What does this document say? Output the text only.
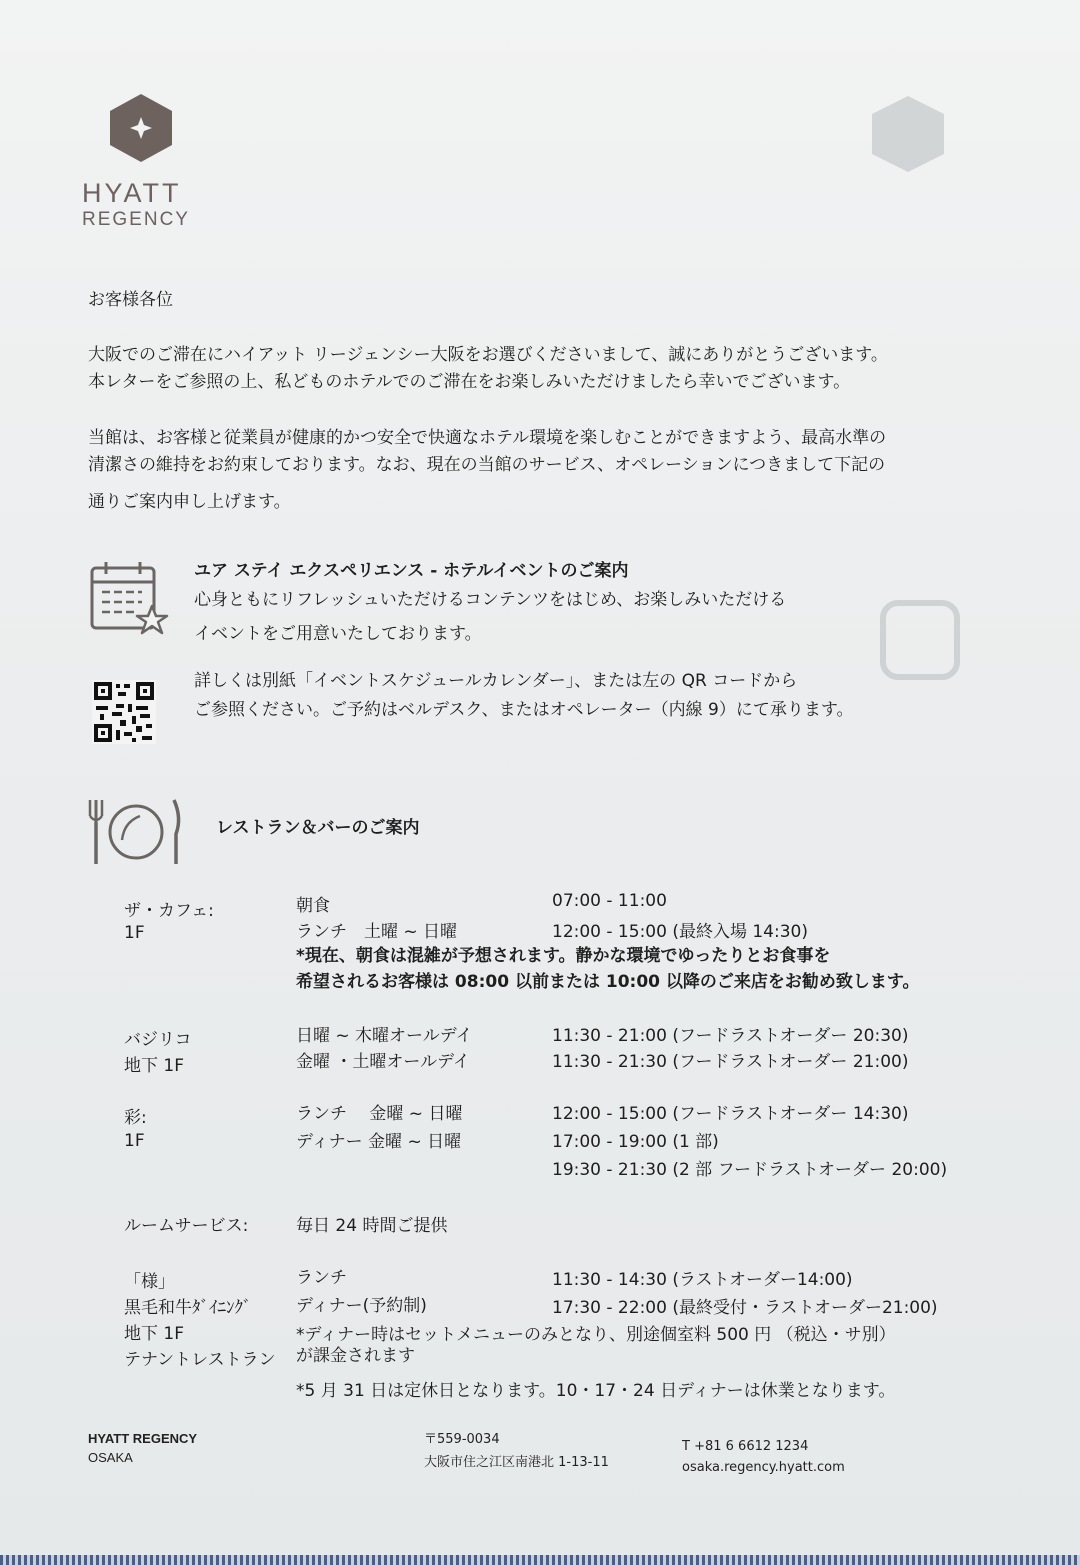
HYATT
REGENCY
お客様各位
大阪でのご滞在にハイアット リージェンシー大阪をお選びくださいまして、誠にありがとうございます。
本レターをご参照の上、私どものホテルでのご滞在をお楽しみいただけましたら幸いでございます。
当館は、お客様と従業員が健康的かつ安全で快適なホテル環境を楽しむことができますよう、最高水準の
清潔さの維持をお約束しております。なお、現在の当館のサービス、オペレーションにつきまして下記の
通りご案内申し上げます。
ユア ステイ エクスペリエンス - ホテルイベントのご案内
心身ともにリフレッシュいただけるコンテンツをはじめ、お楽しみいただける
イベントをご用意いたしております。
詳しくは別紙「イベントスケジュールカレンダー」、または左の QR コードから
ご参照ください。ご予約はベルデスク、またはオペレーター（内線 9）にて承ります。
レストラン＆バーのご案内
ザ・カフェ:
1F
朝食	07:00 - 11:00
ランチ　土曜 ~ 日曜	12:00 - 15:00 (最終入場 14:30)
*現在、朝食は混雑が予想されます。静かな環境でゆったりとお食事を
希望されるお客様は 08:00 以前または 10:00 以降のご来店をお勧め致します。
バジリコ
地下 1F
日曜 ~ 木曜オールデイ	11:30 - 21:00 (フードラストオーダー 20:30)
金曜 ・土曜オールデイ	11:30 - 21:30 (フードラストオーダー 21:00)
彩:
1F
ランチ　 金曜 ~ 日曜	12:00 - 15:00 (フードラストオーダー 14:30)
ディナー 金曜 ~ 日曜	17:00 - 19:00 (1 部)
19:30 - 21:30 (2 部 フードラストオーダー 20:00)
ルームサービス:	毎日 24 時間ご提供
「様」
黒毛和牛ﾀﾞｲﾆﾝｸﾞ
地下 1F
テナントレストラン
ランチ	11:30 - 14:30 (ラストオーダー14:00)
ディナー(予約制)	17:30 - 22:00 (最終受付・ラストオーダー21:00)
*ディナー時はセットメニューのみとなり、別途個室料 500 円 （税込・サ別）
が課金されます
*5 月 31 日は定休日となります。10・17・24 日ディナーは休業となります。
HYATT REGENCY
OSAKA
〒559-0034
大阪市住之江区南港北 1-13-11
T +81 6 6612 1234
osaka.regency.hyatt.com
